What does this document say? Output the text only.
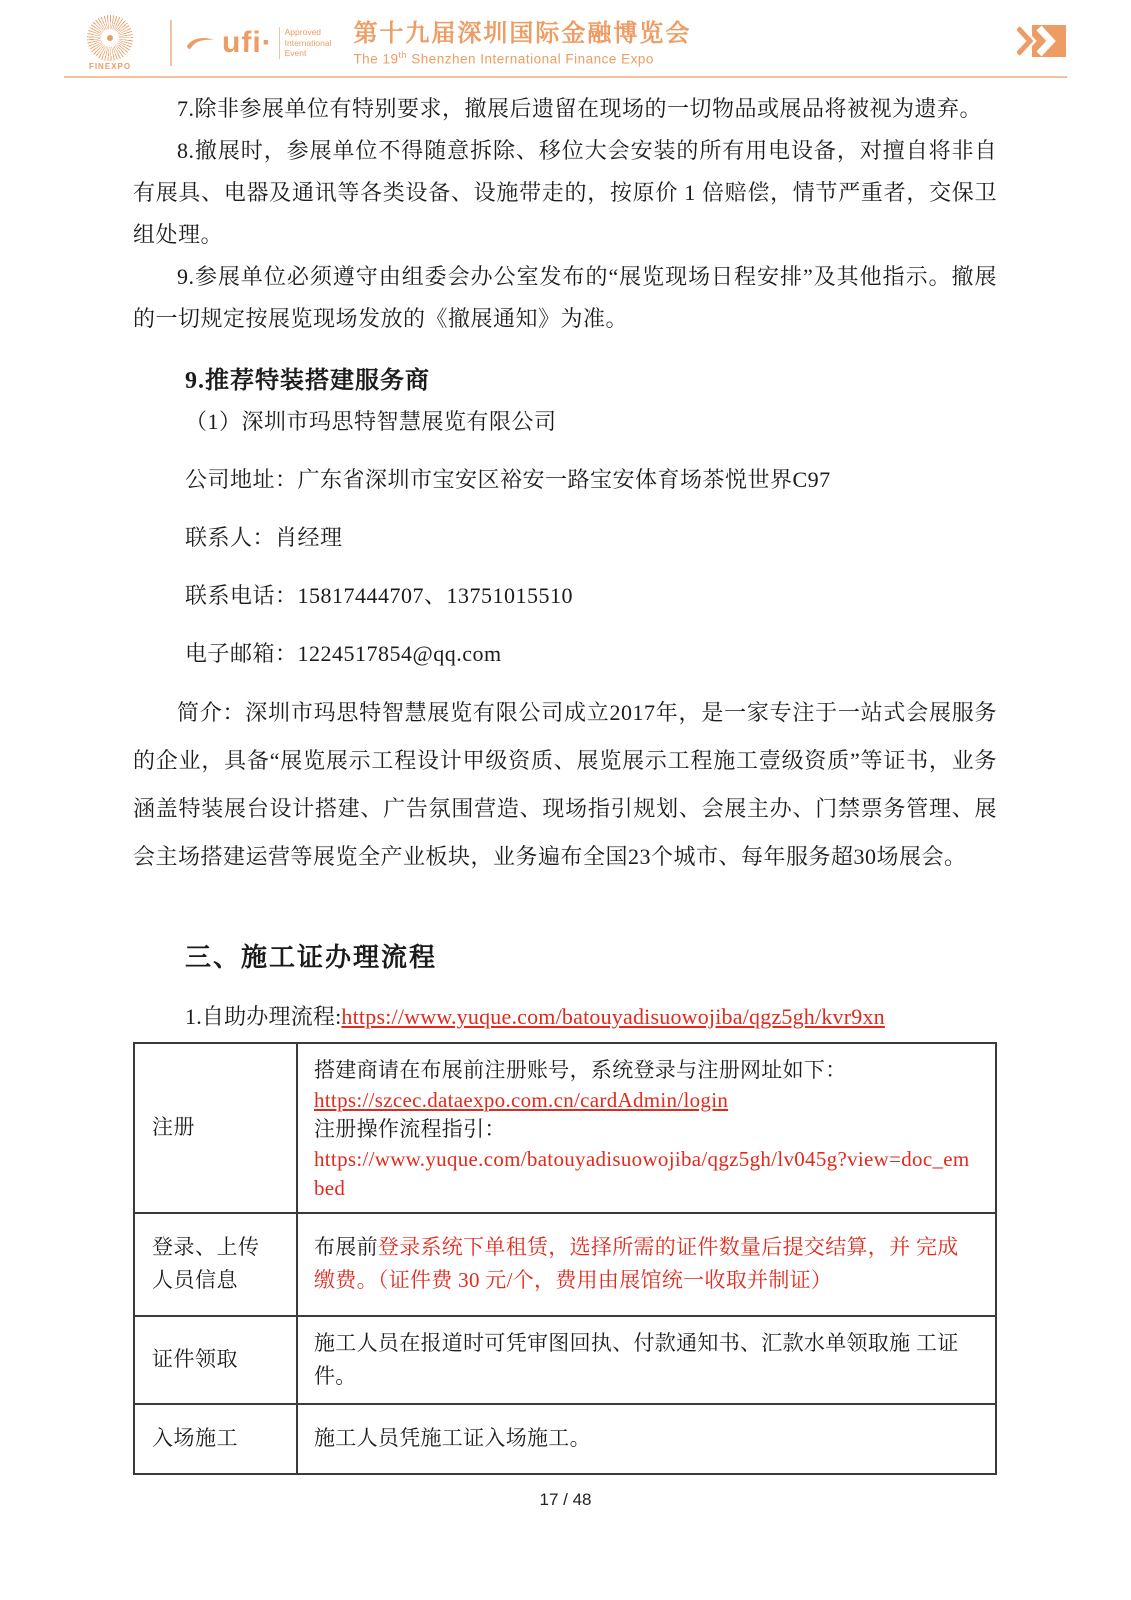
FINEXPO
ufi·	Approved
International
Event
第十九届深圳国际金融博览会
The 19th Shenzhen International Finance Expo

7.除非参展单位有特别要求，撤展后遗留在现场的一切物品或展品将被视为遗弃。

8.撤展时，参展单位不得随意拆除、移位大会安装的所有用电设备，对擅自将非自有展具、电器及通讯等各类设备、设施带走的，按原价 1 倍赔偿，情节严重者，交保卫组处理。

9.参展单位必须遵守由组委会办公室发布的“展览现场日程安排”及其他指示。撤展的一切规定按展览现场发放的《撤展通知》为准。

9.推荐特装搭建服务商

（1）深圳市玛思特智慧展览有限公司

公司地址：广东省深圳市宝安区裕安一路宝安体育场茶悦世界C97

联系人：肖经理

联系电话：15817444707、13751015510

电子邮箱：1224517854@qq.com

简介：深圳市玛思特智慧展览有限公司成立2017年，是一家专注于一站式会展服务的企业，具备“展览展示工程设计甲级资质、展览展示工程施工壹级资质”等证书，业务涵盖特装展台设计搭建、广告氛围营造、现场指引规划、会展主办、门禁票务管理、展会主场搭建运营等展览全产业板块，业务遍布全国23个城市、每年服务超30场展会。

三、施工证办理流程

1.自助办理流程:https://www.yuque.com/batouyadisuowojiba/qgz5gh/kvr9xn

注册	搭建商请在布展前注册账号，系统登录与注册网址如下：
https://szcec.dataexpo.com.cn/cardAdmin/login
注册操作流程指引：
https://www.yuque.com/batouyadisuowojiba/qgz5gh/lv045g?view=doc_embed
登录、上传 人员信息	布展前登录系统下单租赁，选择所需的证件数量后提交结算，并 完成缴费。（证件费 30 元/个，费用由展馆统一收取并制证）
证件领取	施工人员在报道时可凭审图回执、付款通知书、汇款水单领取施 工证件。
入场施工	施工人员凭施工证入场施工。
17 / 48
